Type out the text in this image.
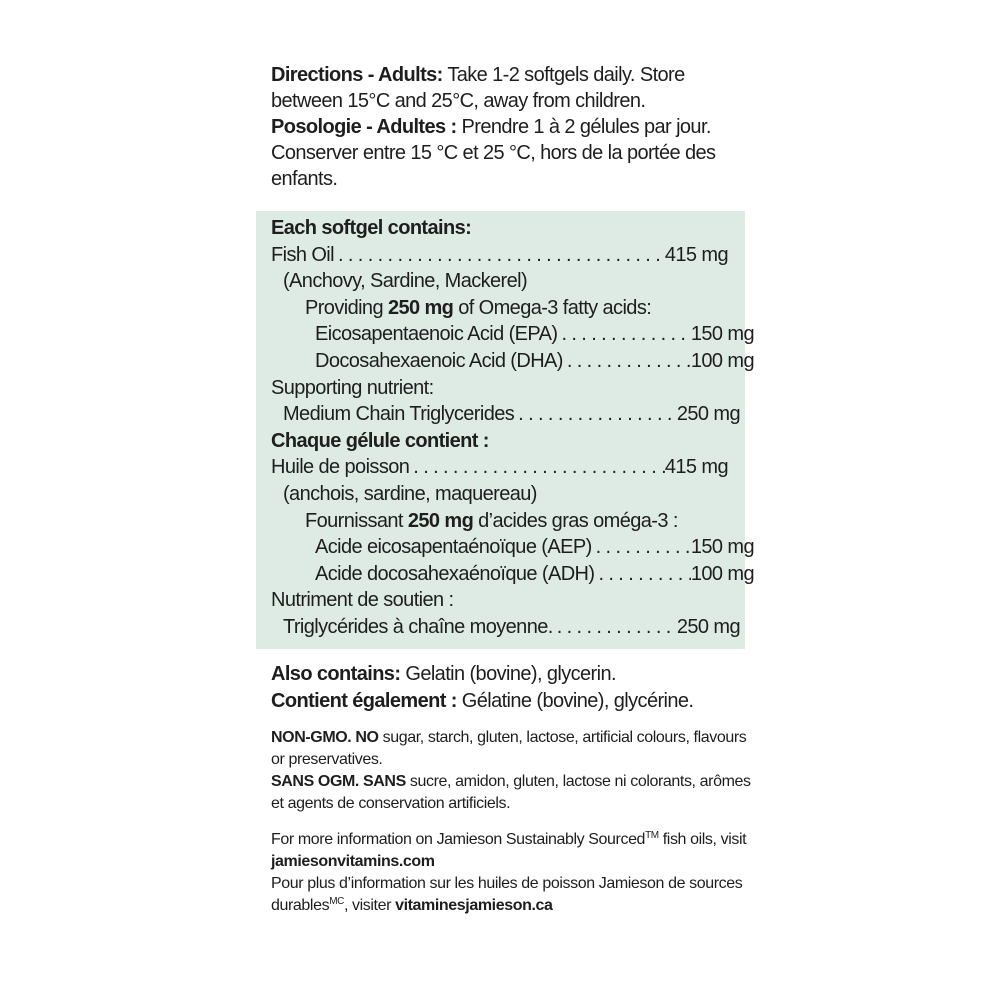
Directions - Adults: Take 1-2 softgels daily. Store between 15°C and 25°C, away from children.

Posologie - Adultes : Prendre 1 à 2 gélules par jour. Conserver entre 15 °C et 25 °C, hors de la portée des enfants.

Each softgel contains:
Fish Oil . . .	415 mg
(Anchovy, Sardine, Mackerel)
Providing 250 mg of Omega-3 fatty acids:
Eicosapentaenoic Acid (EPA) . . .	150 mg
Docosahexaenoic Acid (DHA) . . .	100 mg
Supporting nutrient:
Medium Chain Triglycerides . . .	250 mg
Chaque gélule contient :
Huile de poisson . . .	415 mg
(anchois, sardine, maquereau)
Fournissant 250 mg d’acides gras oméga-3 :
Acide eicosapentaénoïque (AEP) . . .	150 mg
Acide docosahexaénoïque (ADH) . . .	100 mg
Nutriment de soutien :
Triglycérides à chaîne moyenne. . . .	250 mg

Also contains: Gelatin (bovine), glycerin.

Contient également : Gélatine (bovine), glycérine.

NON-GMO. NO sugar, starch, gluten, lactose, artificial colours, flavours or preservatives.

SANS OGM. SANS sucre, amidon, gluten, lactose ni colorants, arômes et agents de conservation artificiels.

For more information on Jamieson Sustainably Sourced™ fish oils, visit jamiesonvitamins.com

Pour plus d’information sur les huiles de poisson Jamieson de sources durables$^{MC}$, visiter vitaminesjamieson.ca
